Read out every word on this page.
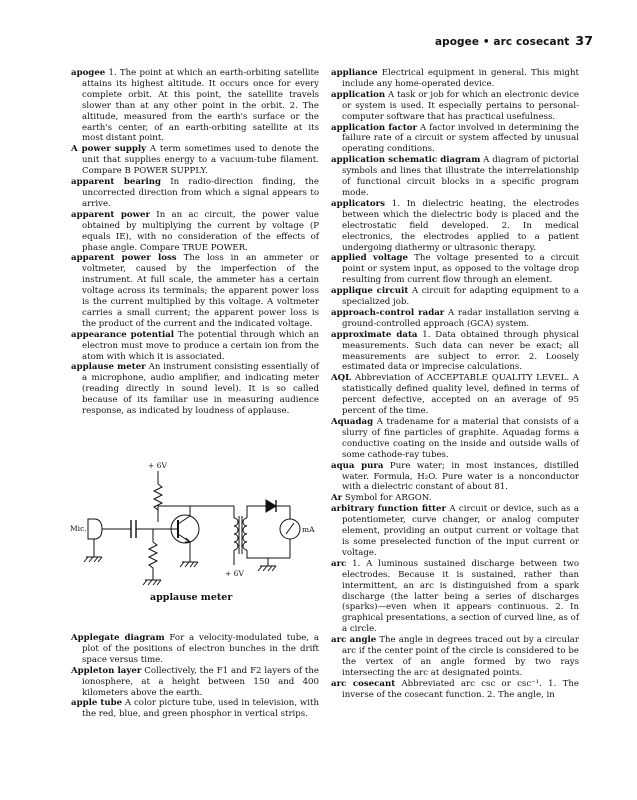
apogee • arc cosecant 37

apogee 1. The point at which an earth-orbiting satellite attains its highest altitude. It occurs once for every complete orbit. At this point, the satellite travels slower than at any other point in the orbit. 2. The altitude, measured from the earth's surface or the earth's center, of an earth-orbiting satellite at its most distant point.

A power supply A term sometimes used to denote the unit that supplies energy to a vacuum-tube filament. Compare B POWER SUPPLY.

apparent bearing In radio-direction finding, the uncorrected direction from which a signal appears to arrive.

apparent power In an ac circuit, the power value obtained by multiplying the current by voltage (P equals IE), with no consideration of the effects of phase angle. Compare TRUE POWER.

apparent power loss The loss in an ammeter or voltmeter, caused by the imperfection of the instrument. At full scale, the ammeter has a certain voltage across its terminals; the apparent power loss is the current multiplied by this voltage. A voltmeter carries a small current; the apparent power loss is the product of the current and the indicated voltage.

appearance potential The potential through which an electron must move to produce a certain ion from the atom with which it is associated.

applause meter An instrument consisting essentially of a microphone, audio amplifier, and indicating meter (reading directly in sound level). It is so called because of its familiar use in measuring audience response, as indicated by loudness of applause.

+ 6V
Mic.
+ 6V
mA
applause meter

Applegate diagram For a velocity-modulated tube, a plot of the positions of electron bunches in the drift space versus time.

Appleton layer Collectively, the F1 and F2 layers of the ionosphere, at a height between 150 and 400 kilometers above the earth.

apple tube A color picture tube, used in television, with the red, blue, and green phosphor in vertical strips.

appliance Electrical equipment in general. This might include any home-operated device.

application A task or job for which an electronic device or system is used. It especially pertains to personal-computer software that has practical usefulness.

application factor A factor involved in determining the failure rate of a circuit or system affected by unusual operating conditions.

application schematic diagram A diagram of pictorial symbols and lines that illustrate the interrelationship of functional circuit blocks in a specific program mode.

applicators 1. In dielectric heating, the electrodes between which the dielectric body is placed and the electrostatic field developed. 2. In medical electronics, the electrodes applied to a patient undergoing diathermy or ultrasonic therapy.

applied voltage The voltage presented to a circuit point or system input, as opposed to the voltage drop resulting from current flow through an element.

applique circuit A circuit for adapting equipment to a specialized job.

approach-control radar A radar installation serving a ground-controlled approach (GCA) system.

approximate data 1. Data obtained through physical measurements. Such data can never be exact; all measurements are subject to error. 2. Loosely estimated data or imprecise calculations.

AQL Abbreviation of ACCEPTABLE QUALITY LEVEL. A statistically defined quality level, defined in terms of percent defective, accepted on an average of 95 percent of the time.

Aquadag A tradename for a material that consists of a slurry of fine particles of graphite. Aquadag forms a conductive coating on the inside and outside walls of some cathode-ray tubes.

aqua pura Pure water; in most instances, distilled water. Formula, H₂O. Pure water is a nonconductor with a dielectric constant of about 81.

Ar Symbol for ARGON.

arbitrary function fitter A circuit or device, such as a potentiometer, curve changer, or analog computer element, providing an output current or voltage that is some preselected function of the input current or voltage.

arc 1. A luminous sustained discharge between two electrodes. Because it is sustained, rather than intermittent, an arc is distinguished from a spark discharge (the latter being a series of discharges (sparks)—even when it appears continuous. 2. In graphical presentations, a section of curved line, as of a circle.

arc angle The angle in degrees traced out by a circular arc if the center point of the circle is considered to be the vertex of an angle formed by two rays intersecting the arc at designated points.

arc cosecant Abbreviated arc csc or csc⁻¹. 1. The inverse of the cosecant function. 2. The angle, in
